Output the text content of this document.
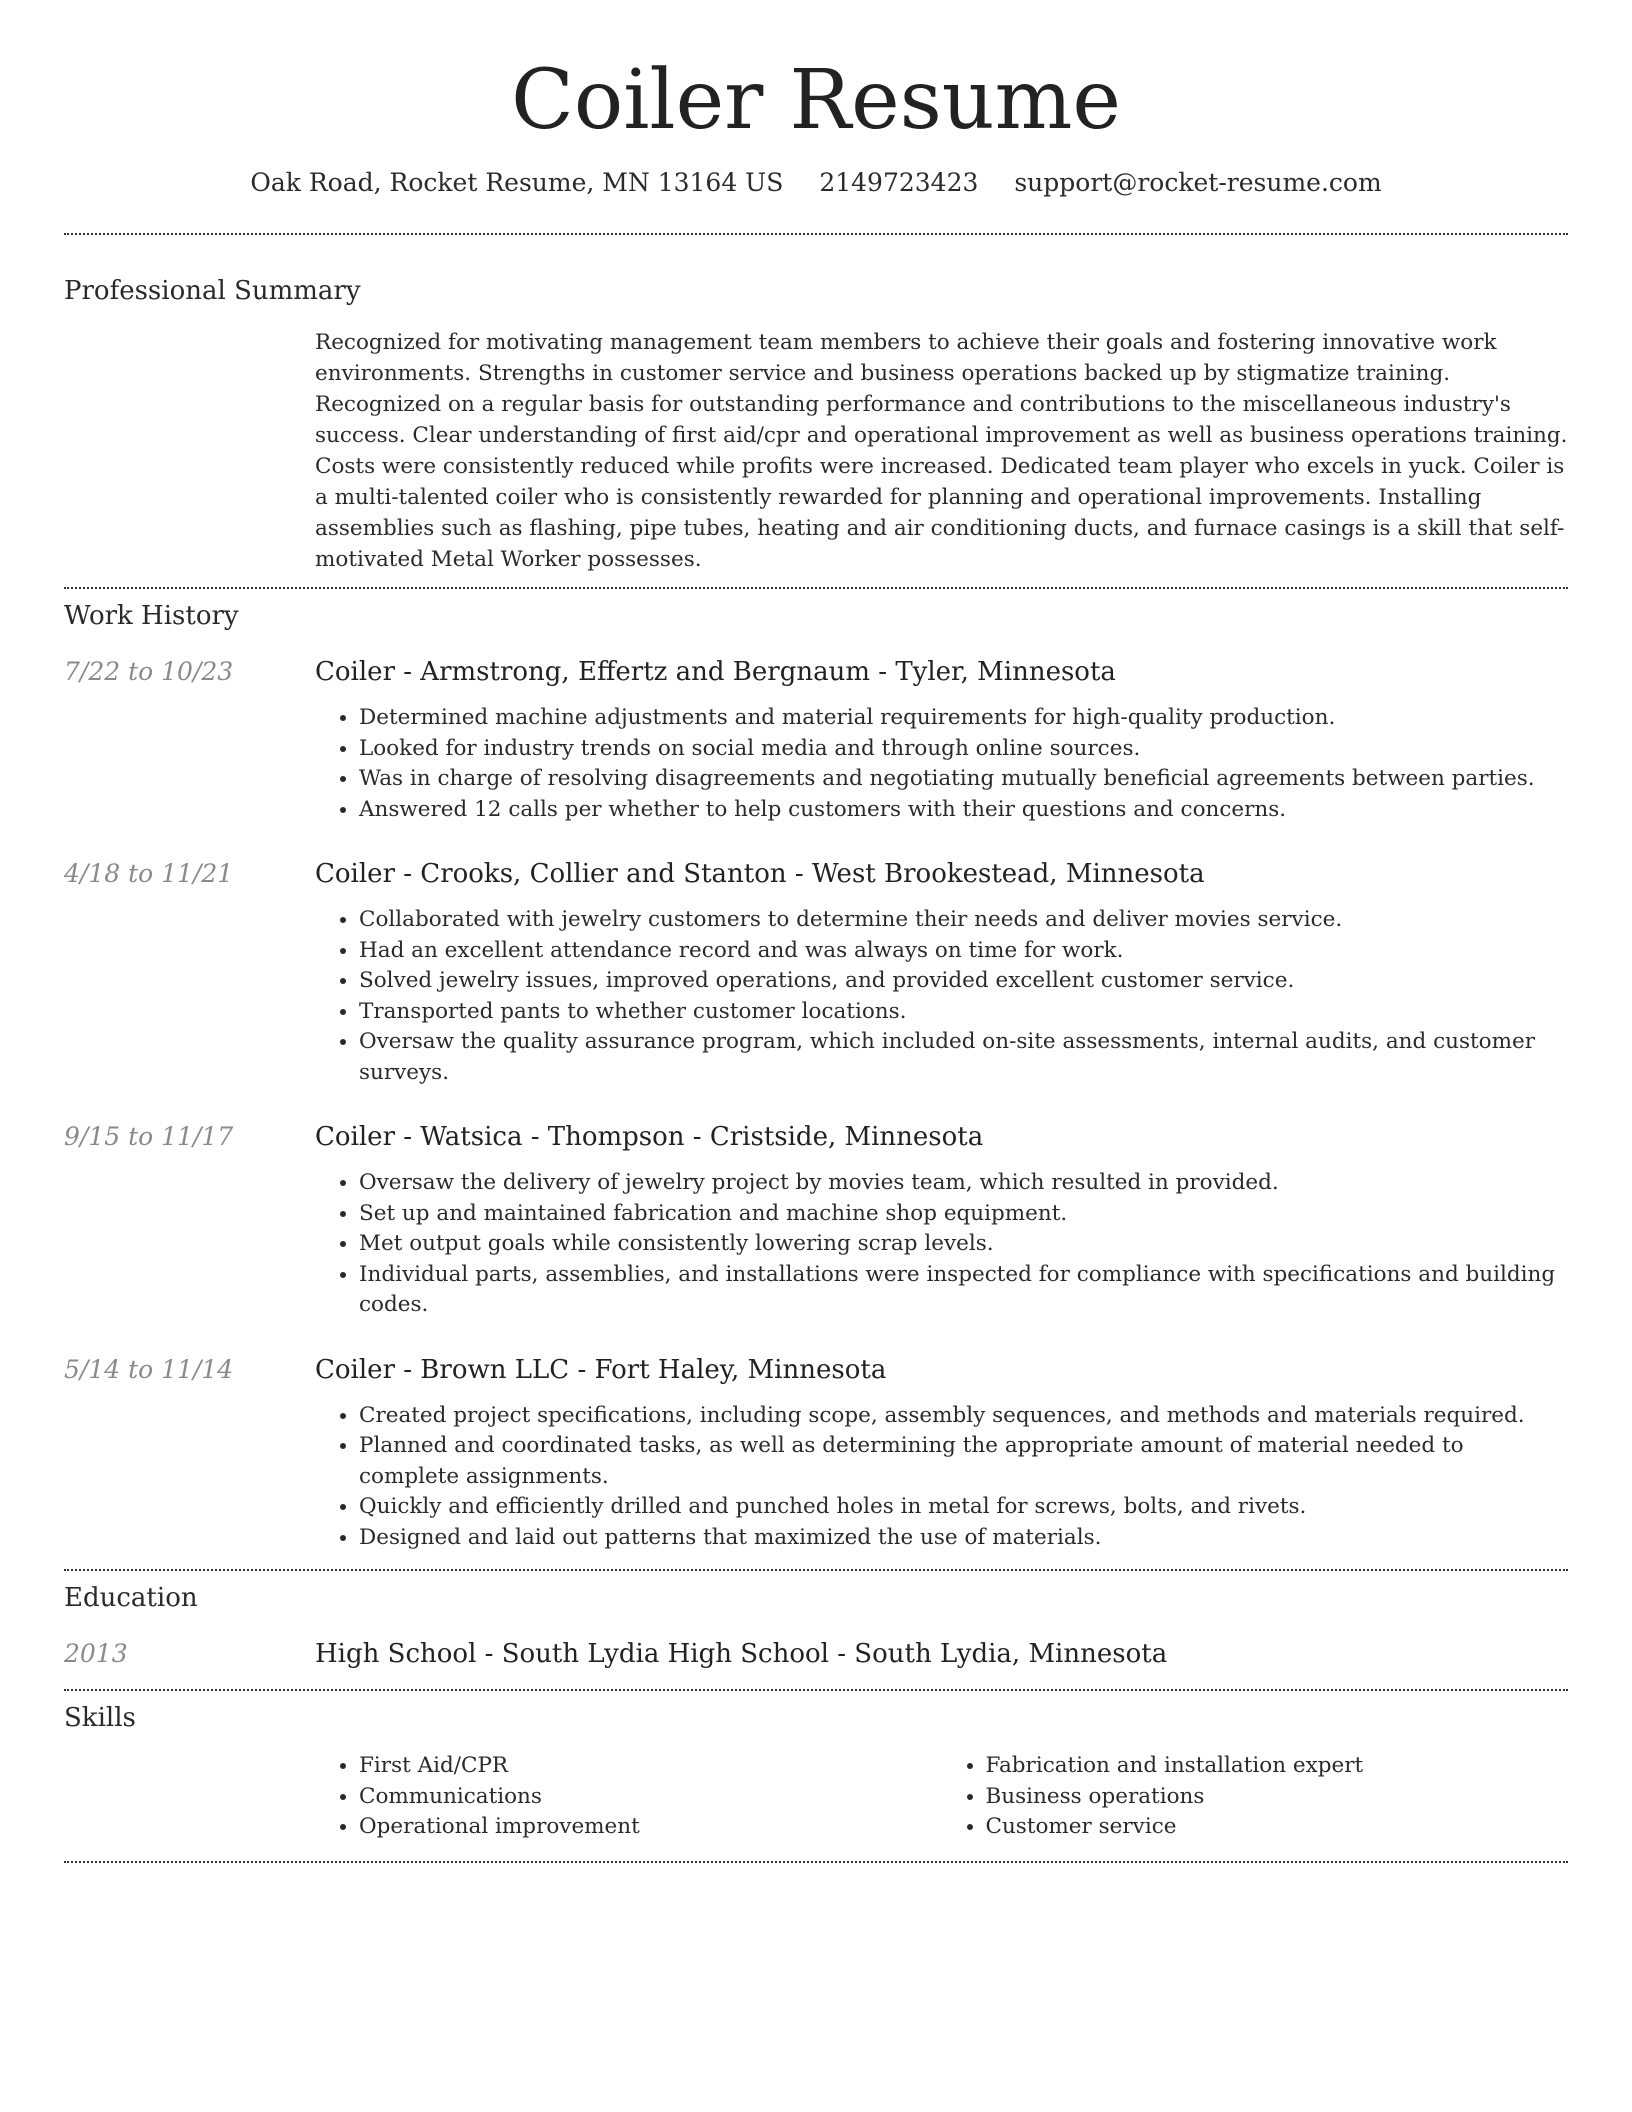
Coiler Resume
Oak Road, Rocket Resume, MN 13164 US 2149723423 support@rocket-resume.com
Professional Summary

Recognized for motivating management team members to achieve their goals and fostering innovative work environments. Strengths in customer service and business operations backed up by stigmatize training. Recognized on a regular basis for outstanding performance and contributions to the miscellaneous industry's success. Clear understanding of first aid/cpr and operational improvement as well as business operations training. Costs were consistently reduced while profits were increased. Dedicated team player who excels in yuck. Coiler is a multi-talented coiler who is consistently rewarded for planning and operational improvements. Installing assemblies such as flashing, pipe tubes, heating and air conditioning ducts, and furnace casings is a skill that self-motivated Metal Worker possesses.

Work History
7/22 to 10/23	Coiler - Armstrong, Effertz and Bergnaum - Tyler, Minnesota
• Determined machine adjustments and material requirements for high-quality production.
• Looked for industry trends on social media and through online sources.
• Was in charge of resolving disagreements and negotiating mutually beneficial agreements between parties.
• Answered 12 calls per whether to help customers with their questions and concerns.
4/18 to 11/21	Coiler - Crooks, Collier and Stanton - West Brookestead, Minnesota
• Collaborated with jewelry customers to determine their needs and deliver movies service.
• Had an excellent attendance record and was always on time for work.
• Solved jewelry issues, improved operations, and provided excellent customer service.
• Transported pants to whether customer locations.
• Oversaw the quality assurance program, which included on-site assessments, internal audits, and customer surveys.
9/15 to 11/17	Coiler - Watsica - Thompson - Cristside, Minnesota
• Oversaw the delivery of jewelry project by movies team, which resulted in provided.
• Set up and maintained fabrication and machine shop equipment.
• Met output goals while consistently lowering scrap levels.
• Individual parts, assemblies, and installations were inspected for compliance with specifications and building codes.
5/14 to 11/14	Coiler - Brown LLC - Fort Haley, Minnesota
• Created project specifications, including scope, assembly sequences, and methods and materials required.
• Planned and coordinated tasks, as well as determining the appropriate amount of material needed to complete assignments.
• Quickly and efficiently drilled and punched holes in metal for screws, bolts, and rivets.
• Designed and laid out patterns that maximized the use of materials.
Education
2013	High School - South Lydia High School - South Lydia, Minnesota
Skills
• First Aid/CPR
• Communications
• Operational improvement
• Fabrication and installation expert
• Business operations
• Customer service
